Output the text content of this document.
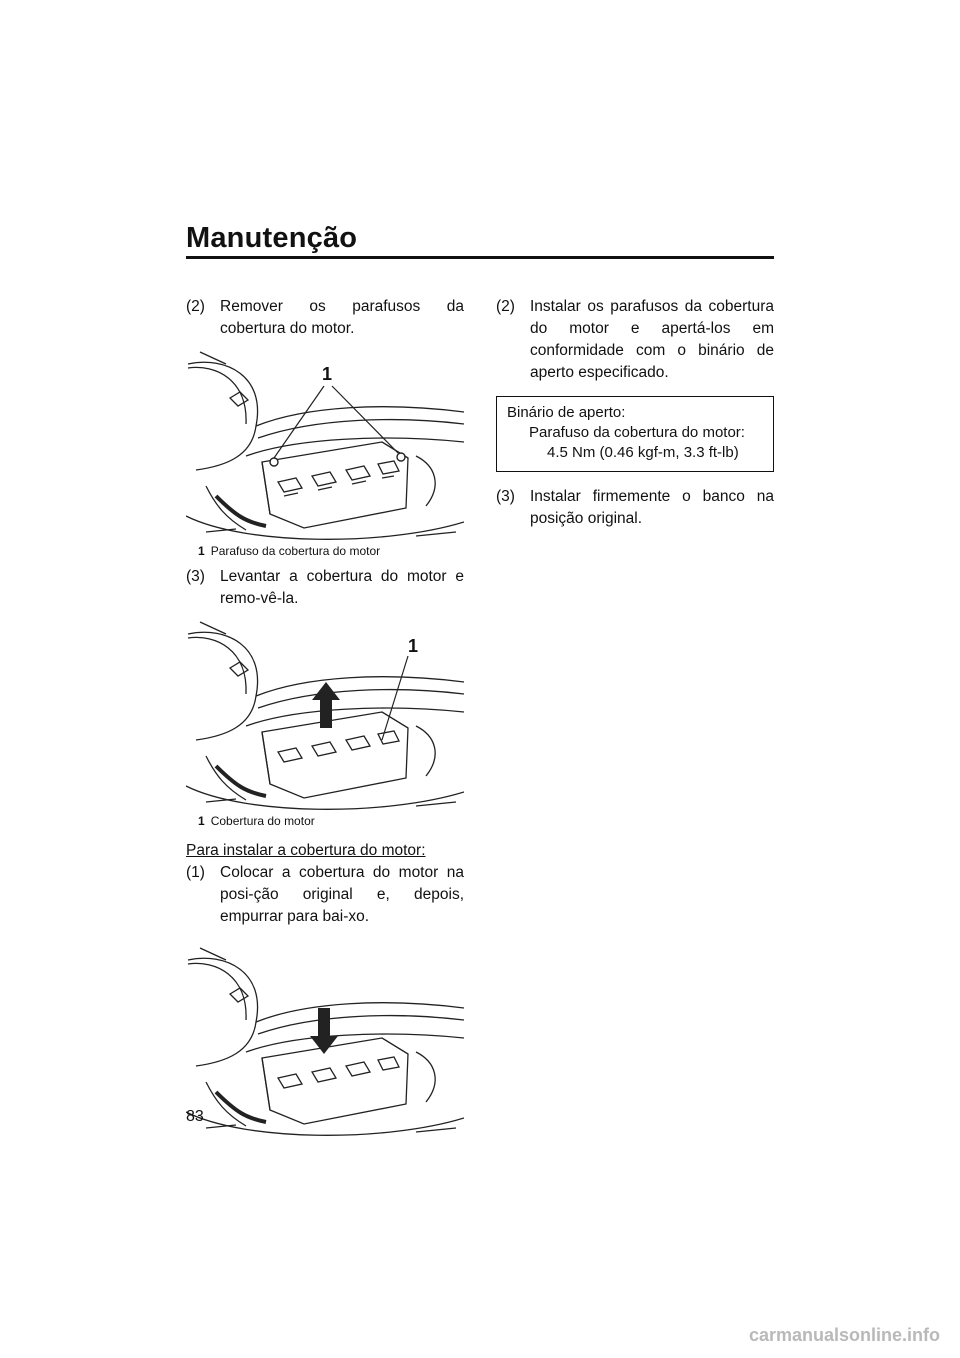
Manutenção
(2) Remover os parafusos da cobertura do motor.
1
1 Parafuso da cobertura do motor
(3) Levantar a cobertura do motor e remo-vê-la.
1
1 Cobertura do motor

Para instalar a cobertura do motor:

(1) Colocar a cobertura do motor na posi-ção original e, depois, empurrar para bai-xo.
(2) Instalar os parafusos da cobertura do motor e apertá-los em conformidade com o binário de aperto especificado.
Binário de aperto:
Parafuso da cobertura do motor:
4.5 Nm (0.46 kgf-m, 3.3 ft-lb)
(3) Instalar firmemente o banco na posição original.
83
carmanualsonline.info
